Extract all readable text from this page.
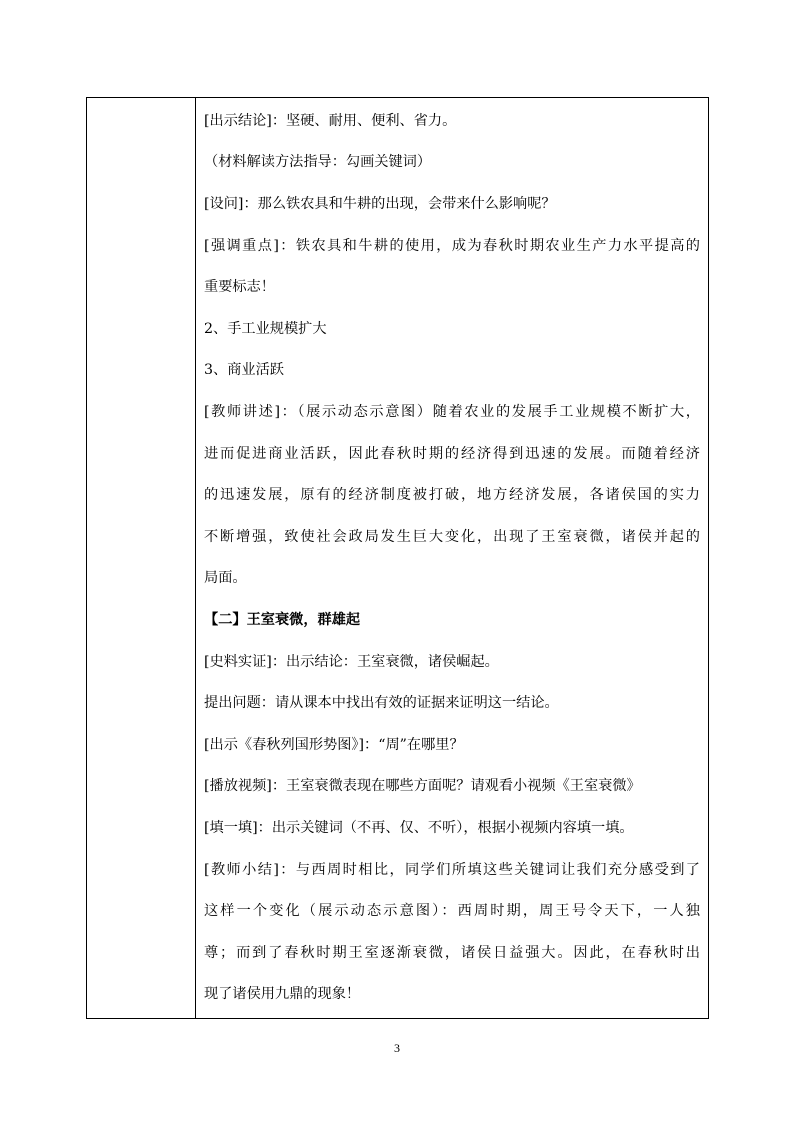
[出示结论]：坚硬、耐用、便利、省力。
（材料解读方法指导：勾画关键词）
[设问]：那么铁农具和牛耕的出现，会带来什么影响呢？
[强调重点]：铁农具和牛耕的使用，成为春秋时期农业生产力水平提高的
重要标志！
2、手工业规模扩大
3、商业活跃
[教师讲述]：（展示动态示意图）随着农业的发展手工业规模不断扩大，
进而促进商业活跃，因此春秋时期的经济得到迅速的发展。而随着经济
的迅速发展，原有的经济制度被打破，地方经济发展，各诸侯国的实力
不断增强，致使社会政局发生巨大变化，出现了王室衰微，诸侯并起的
局面。
【二】王室衰微，群雄起
[史料实证]：出示结论：王室衰微，诸侯崛起。
提出问题：请从课本中找出有效的证据来证明这一结论。
[出示《春秋列国形势图》]：“周”在哪里？
[播放视频]：王室衰微表现在哪些方面呢？请观看小视频《王室衰微》
[填一填]：出示关键词（不再、仅、不听），根据小视频内容填一填。
[教师小结]：与西周时相比，同学们所填这些关键词让我们充分感受到了
这样一个变化（展示动态示意图）：西周时期，周王号令天下，一人独
尊；而到了春秋时期王室逐渐衰微，诸侯日益强大。因此，在春秋时出
现了诸侯用九鼎的现象！
3
